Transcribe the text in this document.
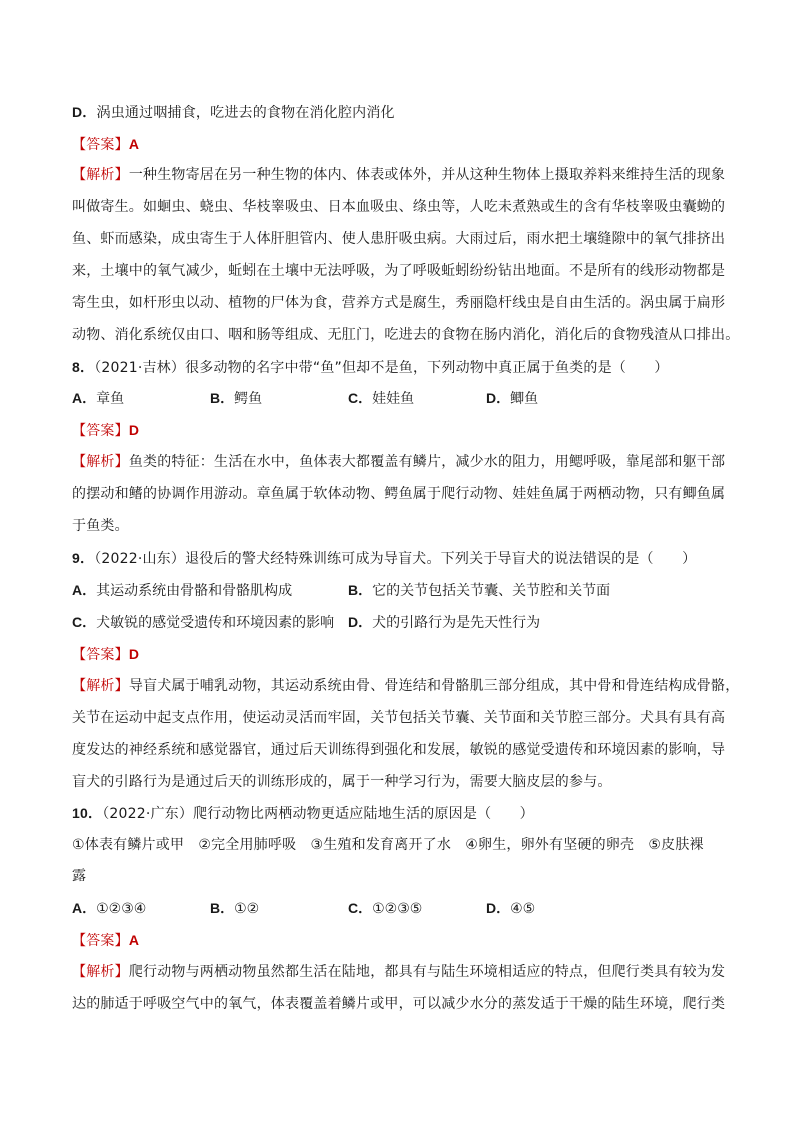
D．涡虫通过咽捕食，吃进去的食物在消化腔内消化
【答案】A
【解析】一种生物寄居在另一种生物的体内、体表或体外，并从这种生物体上摄取养料来维持生活的现象
叫做寄生。如蛔虫、蛲虫、华枝睾吸虫、日本血吸虫、绦虫等，人吃未煮熟或生的含有华枝睾吸虫囊蚴的
鱼、虾而感染，成虫寄生于人体肝胆管内、使人患肝吸虫病。大雨过后，雨水把土壤缝隙中的氧气排挤出
来，土壤中的氧气减少，蚯蚓在土壤中无法呼吸，为了呼吸蚯蚓纷纷钻出地面。不是所有的线形动物都是
寄生虫，如杆形虫以动、植物的尸体为食，营养方式是腐生，秀丽隐杆线虫是自由生活的。涡虫属于扁形
动物、消化系统仅由口、咽和肠等组成、无肛门，吃进去的食物在肠内消化，消化后的食物残渣从口排出。
8．（2021·吉林）很多动物的名字中带“鱼”但却不是鱼，下列动物中真正属于鱼类的是（　　）
A．章鱼	B．鳄鱼	C．娃娃鱼	D．鲫鱼
【答案】D
【解析】鱼类的特征：生活在水中，鱼体表大都覆盖有鳞片，减少水的阻力，用鳃呼吸，靠尾部和躯干部
的摆动和鳍的协调作用游动。章鱼属于软体动物、鳄鱼属于爬行动物、娃娃鱼属于两栖动物，只有鲫鱼属
于鱼类。
9．（2022·山东）退役后的警犬经特殊训练可成为导盲犬。下列关于导盲犬的说法错误的是（　　）
A．其运动系统由骨骼和骨骼肌构成	B．它的关节包括关节囊、关节腔和关节面
C．犬敏锐的感觉受遗传和环境因素的影响 D．犬的引路行为是先天性行为
【答案】D
【解析】导盲犬属于哺乳动物，其运动系统由骨、骨连结和骨骼肌三部分组成，其中骨和骨连结构成骨骼，
关节在运动中起支点作用，使运动灵活而牢固，关节包括关节囊、关节面和关节腔三部分。犬具有具有高
度发达的神经系统和感觉器官，通过后天训练得到强化和发展，敏锐的感觉受遗传和环境因素的影响，导
盲犬的引路行为是通过后天的训练形成的，属于一种学习行为，需要大脑皮层的参与。
10．（2022·广东）爬行动物比两栖动物更适应陆地生活的原因是（　　）
①体表有鳞片或甲　②完全用肺呼吸　③生殖和发育离开了水　④卵生，卵外有坚硬的卵壳　⑤皮肤裸
露
A．①②③④	B．①②	C．①②③⑤	D．④⑤
【答案】A
【解析】爬行动物与两栖动物虽然都生活在陆地，都具有与陆生环境相适应的特点，但爬行类具有较为发
达的肺适于呼吸空气中的氧气，体表覆盖着鳞片或甲，可以减少水分的蒸发适于干燥的陆生环境，爬行类
